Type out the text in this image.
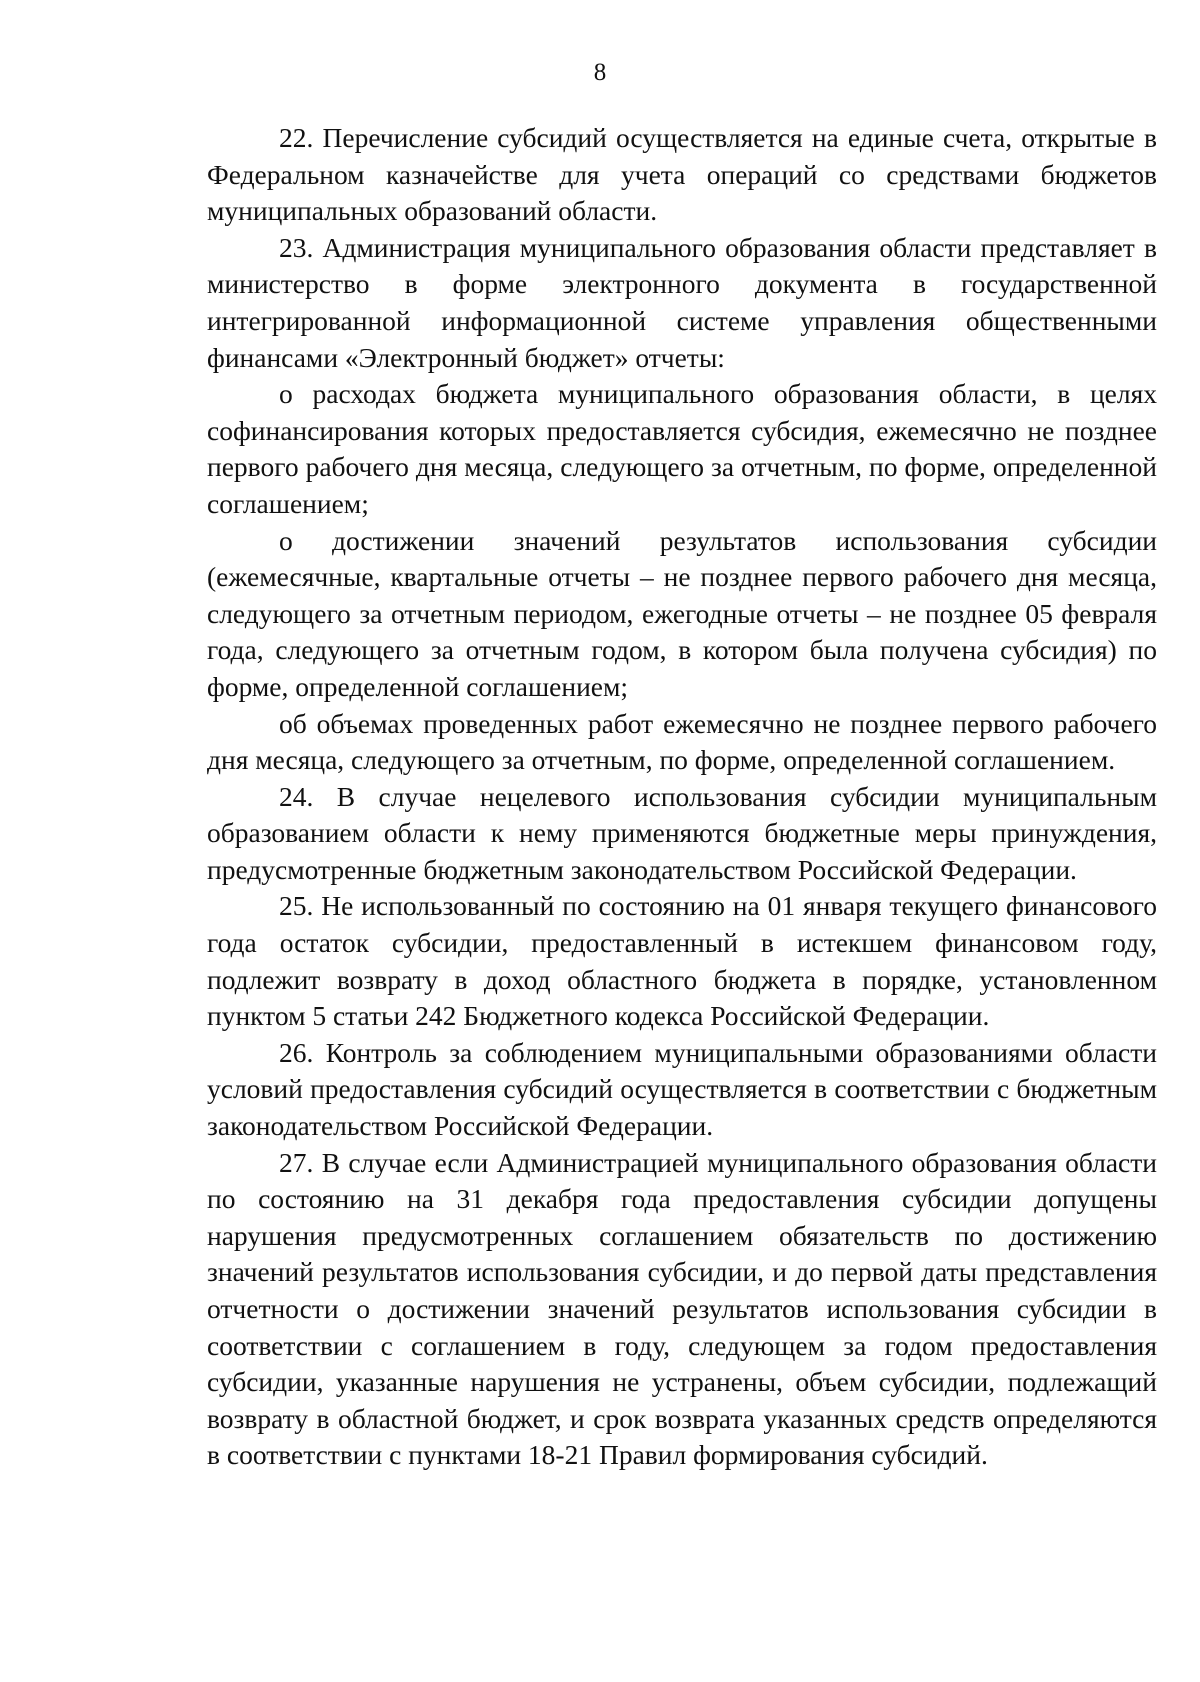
8

22. Перечисление субсидий осуществляется на единые счета, открытые в Федеральном казначействе для учета операций со средствами бюджетов муниципальных образований области.

23. Администрация муниципального образования области представляет в министерство в форме электронного документа в государственной интегрированной информационной системе управления общественными финансами «Электронный бюджет» отчеты:

о расходах бюджета муниципального образования области, в целях софинансирования которых предоставляется субсидия, ежемесячно не позднее первого рабочего дня месяца, следующего за отчетным, по форме, определенной соглашением;

о достижении значений результатов использования субсидии (ежемесячные, квартальные отчеты – не позднее первого рабочего дня месяца, следующего за отчетным периодом, ежегодные отчеты – не позднее 05 февраля года, следующего за отчетным годом, в котором была получена субсидия) по форме, определенной соглашением;

об объемах проведенных работ ежемесячно не позднее первого рабочего дня месяца, следующего за отчетным, по форме, определенной соглашением.

24. В случае нецелевого использования субсидии муниципальным образованием области к нему применяются бюджетные меры принуждения, предусмотренные бюджетным законодательством Российской Федерации.

25. Не использованный по состоянию на 01 января текущего финансового года остаток субсидии, предоставленный в истекшем финансовом году, подлежит возврату в доход областного бюджета в порядке, установленном пунктом 5 статьи 242 Бюджетного кодекса Российской Федерации.

26. Контроль за соблюдением муниципальными образованиями области условий предоставления субсидий осуществляется в соответствии с бюджетным законодательством Российской Федерации.

27. В случае если Администрацией муниципального образования области по состоянию на 31 декабря года предоставления субсидии допущены нарушения предусмотренных соглашением обязательств по достижению значений результатов использования субсидии, и до первой даты представления отчетности о достижении значений результатов использования субсидии в соответствии с соглашением в году, следующем за годом предоставления субсидии, указанные нарушения не устранены, объем субсидии, подлежащий возврату в областной бюджет, и срок возврата указанных средств определяются в соответствии с пунктами 18-21 Правил формирования субсидий.
